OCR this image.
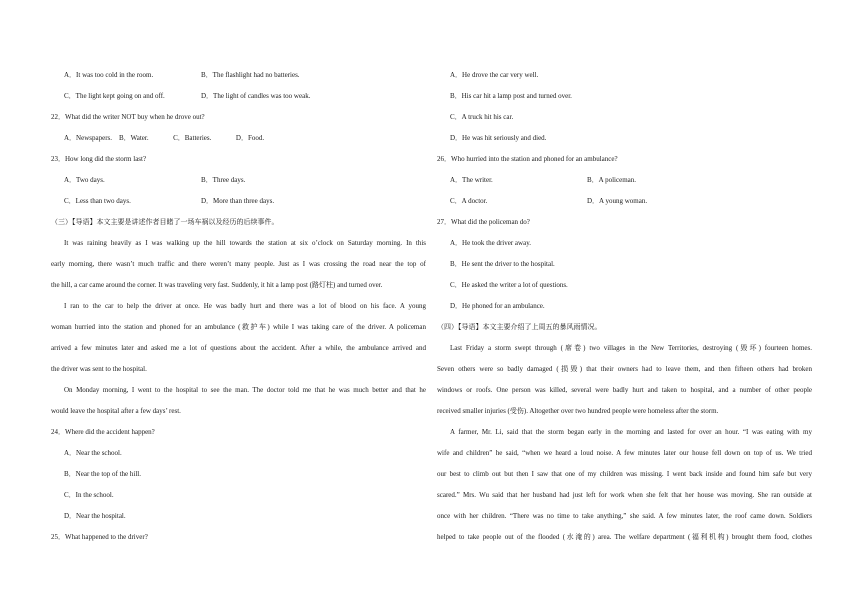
A．It was too cold in the room.	B．The flashlight had no batteries.
C．The light kept going on and off.	D．The light of candles was too weak.
22．What did the writer NOT buy when he drove out?
A．Newspapers.    B．Water.              C．Batteries.              D．Food.
23．How long did the storm last?
A．Two days.	B．Three days.
C．Less than two days.	D．More than three days.
（三）【导语】本文主要是讲述作者目睹了一场车祸以及经历的后续事件。
It was raining heavily as I was walking up the hill towards the station at six o’clock on Saturday morning. In this
early morning, there wasn’t much traffic and there weren’t many people. Just as I was crossing the road near the top of
the hill, a car came around the corner. It was traveling very fast. Suddenly, it hit a lamp post (路灯柱) and turned over.
I ran to the car to help the driver at once. He was badly hurt and there was a lot of blood on his face. A young
woman hurried into the station and phoned for an ambulance (救护车) while I was taking care of the driver. A policeman
arrived a few minutes later and asked me a lot of questions about the accident. After a while, the ambulance arrived and
the driver was sent to the hospital.
On Monday morning, I went to the hospital to see the man. The doctor told me that he was much better and that he
would leave the hospital after a few days’ rest.
24．Where did the accident happen?
A．Near the school.
B．Near the top of the hill.
C．In the school.
D．Near the hospital.
25．What happened to the driver?
A．He drove the car very well.
B．His car hit a lamp post and turned over.
C．A truck hit his car.
D．He was hit seriously and died.
26．Who hurried into the station and phoned for an ambulance?
A．The writer.	B．A policeman.
C．A doctor.	D．A young woman.
27．What did the policeman do?
A．He took the driver away.
B．He sent the driver to the hospital.
C．He asked the writer a lot of questions.
D．He phoned for an ambulance.
（四）【导语】本文主要介绍了上周五的暴风雨情况。
Last Friday a storm swept through (席卷) two villages in the New Territories, destroying (毁坏) fourteen homes.
Seven others were so badly damaged (损毁) that their owners had to leave them, and then fifteen others had broken
windows or roofs. One person was killed, several were badly hurt and taken to hospital, and a number of other people
received smaller injuries (受伤). Altogether over two hundred people were homeless after the storm.
A farmer, Mr. Li, said that the storm began early in the morning and lasted for over an hour. “I was eating with my
wife and children” he said, “when we heard a loud noise. A few minutes later our house fell down on top of us. We tried
our best to climb out but then I saw that one of my children was missing. I went back inside and found him safe but very
scared.” Mrs. Wu said that her husband had just left for work when she felt that her house was moving. She ran outside at
once with her children. “There was no time to take anything,” she said. A few minutes later, the roof came down. Soldiers
helped to take people out of the flooded (水淹的) area. The welfare department (福利机构) brought them food, clothes
